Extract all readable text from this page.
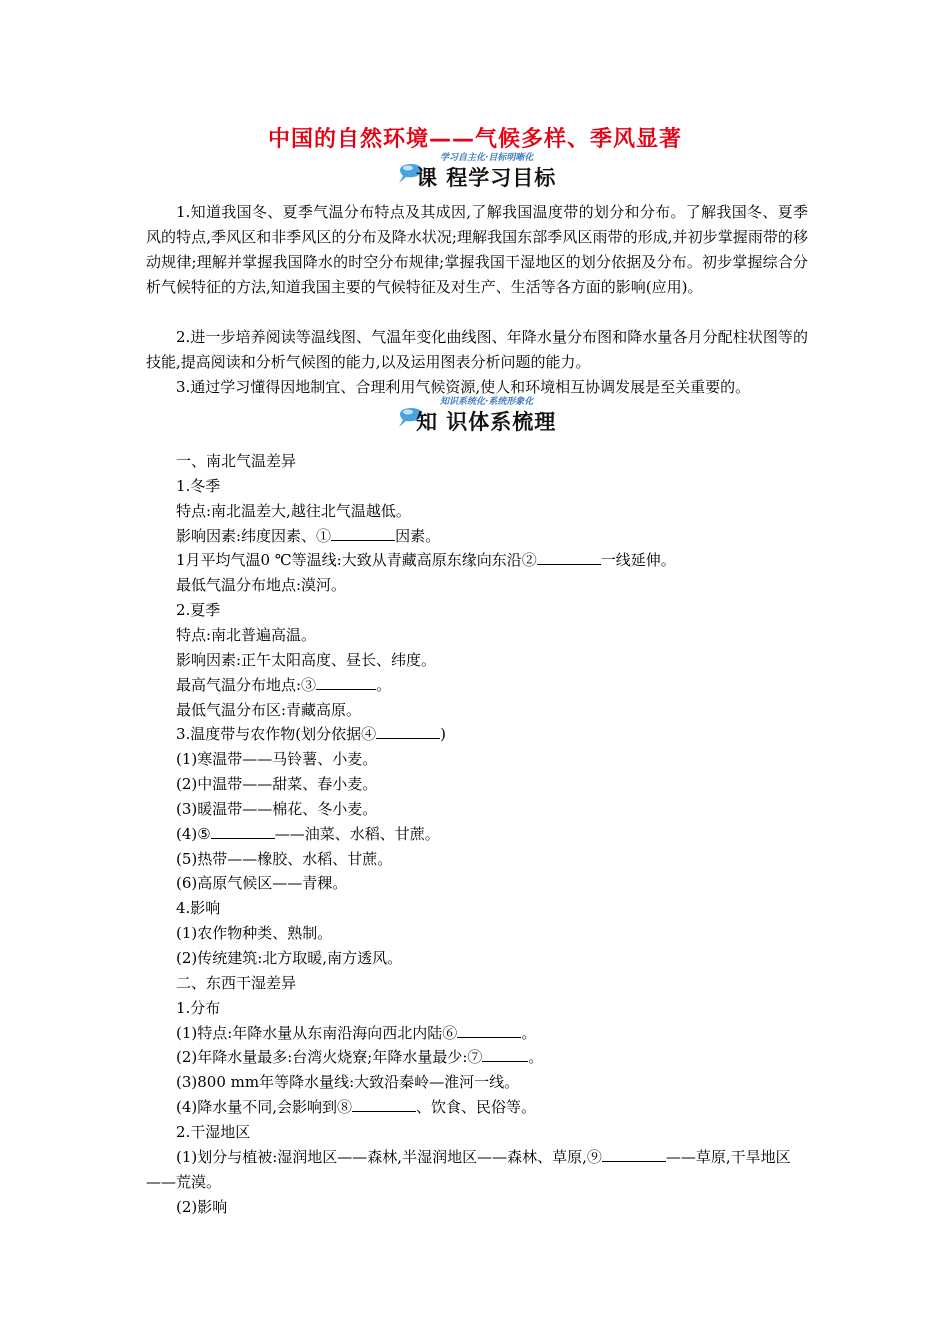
中国的自然环境——气候多样、季风显著
学习自主化·目标明晰化
课 程学习目标
1.知道我国冬、夏季气温分布特点及其成因,了解我国温度带的划分和分布。了解我国冬、夏季风的特点,季风区和非季风区的分布及降水状况;理解我国东部季风区雨带的形成,并初步掌握雨带的移动规律;理解并掌握我国降水的时空分布规律;掌握我国干湿地区的划分依据及分布。初步掌握综合分析气候特征的方法,知道我国主要的气候特征及对生产、生活等各方面的影响(应用)。
2.进一步培养阅读等温线图、气温年变化曲线图、年降水量分布图和降水量各月分配柱状图等的技能,提高阅读和分析气候图的能力,以及运用图表分析问题的能力。
3.通过学习懂得因地制宜、合理利用气候资源,使人和环境相互协调发展是至关重要的。
知识系统化·系统形象化
知 识体系梳理
一、南北气温差异
1.冬季
特点:南北温差大,越往北气温越低。
影响因素:纬度因素、①	因素。
1月平均气温0 ℃等温线:大致从青藏高原东缘向东沿②	一线延伸。
最低气温分布地点:漠河。
2.夏季
特点:南北普遍高温。
影响因素:正午太阳高度、昼长、纬度。
最高气温分布地点:③	。
最低气温分布区:青藏高原。
3.温度带与农作物(划分依据④	)
(1)寒温带——马铃薯、小麦。
(2)中温带——甜菜、春小麦。
(3)暖温带——棉花、冬小麦。
(4)⑤	——油菜、水稻、甘蔗。
(5)热带——橡胶、水稻、甘蔗。
(6)高原气候区——青稞。
4.影响
(1)农作物种类、熟制。
(2)传统建筑:北方取暖,南方透风。
二、东西干湿差异
1.分布
(1)特点:年降水量从东南沿海向西北内陆⑥	。
(2)年降水量最多:台湾火烧寮;年降水量最少:⑦	。
(3)800 mm年等降水量线:大致沿秦岭—淮河一线。
(4)降水量不同,会影响到⑧	、饮食、民俗等。
2.干湿地区
(1)划分与植被:湿润地区——森林,半湿润地区——森林、草原,⑨	——草原,干旱地区——荒漠。
(2)影响
